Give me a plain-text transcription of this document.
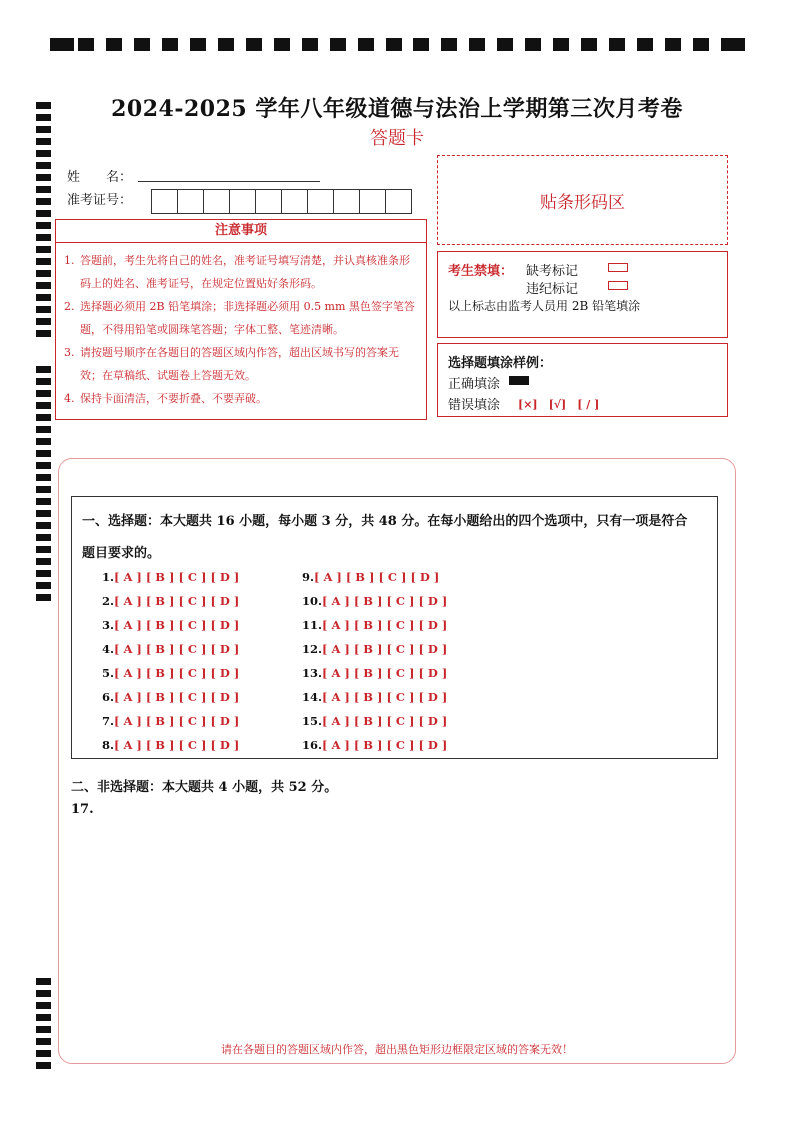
2024-2025 学年八年级道德与法治上学期第三次月考卷
答题卡
姓　　名：
准考证号：	贴条形码区
注意事项
1. 答题前，考生先将自己的姓名，准考证号填写清楚，并认真核准条形码上的姓名、准考证号，在规定位置贴好条形码。
2. 选择题必须用 2B 铅笔填涂；非选择题必须用 0.5 mm 黑色签字笔答题，不得用铅笔或圆珠笔答题；字体工整、笔迹清晰。
3. 请按题号顺序在各题目的答题区域内作答，超出区域书写的答案无效；在草稿纸、试题卷上答题无效。
4. 保持卡面清洁，不要折叠、不要弄破。
考生禁填： 缺考标记
违纪标记
以上标志由监考人员用 2B 铅笔填涂
选择题填涂样例：
正确填涂
错误填涂 [×]　[√]　[ / ]
一、选择题：本大题共 16 小题，每小题 3 分，共 48 分。在每小题给出的四个选项中，只有一项是符合
题目要求的。
1.[ A ] [ B ] [ C ] [ D ]
2.[ A ] [ B ] [ C ] [ D ]
3.[ A ] [ B ] [ C ] [ D ]
4.[ A ] [ B ] [ C ] [ D ]
5.[ A ] [ B ] [ C ] [ D ]
6.[ A ] [ B ] [ C ] [ D ]
7.[ A ] [ B ] [ C ] [ D ]
8.[ A ] [ B ] [ C ] [ D ]
9.[ A ] [ B ] [ C ] [ D ]
10.[ A ] [ B ] [ C ] [ D ]
11.[ A ] [ B ] [ C ] [ D ]
12.[ A ] [ B ] [ C ] [ D ]
13.[ A ] [ B ] [ C ] [ D ]
14.[ A ] [ B ] [ C ] [ D ]
15.[ A ] [ B ] [ C ] [ D ]
16.[ A ] [ B ] [ C ] [ D ]
二、非选择题：本大题共 4 小题，共 52 分。
17.
请在各题目的答题区域内作答，超出黑色矩形边框限定区域的答案无效！
